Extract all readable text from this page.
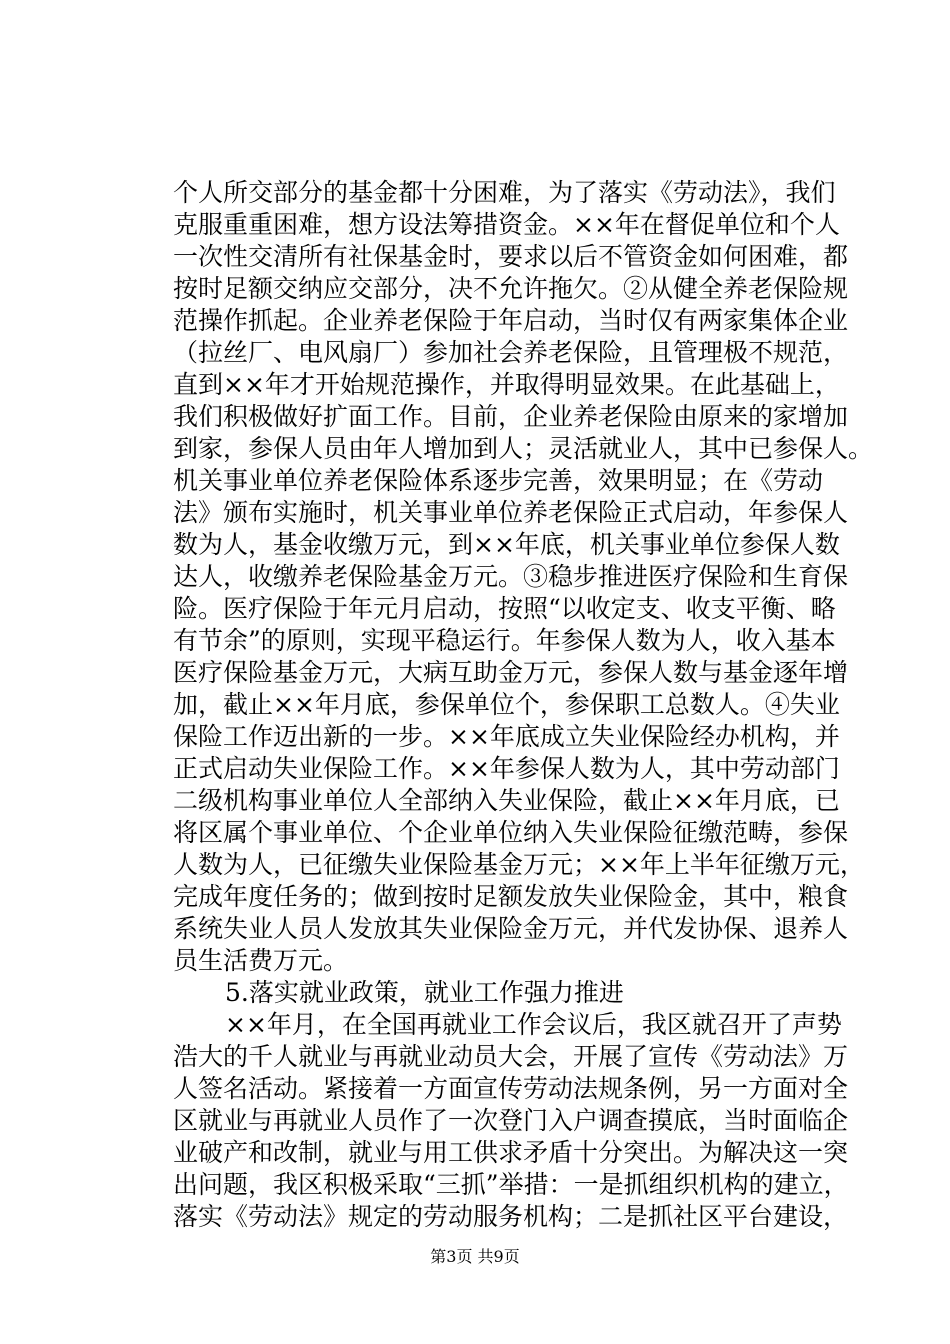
个人所交部分的基金都十分困难，为了落实《劳动法》，我们
克服重重困难，想方设法筹措资金。××年在督促单位和个人
一次性交清所有社保基金时，要求以后不管资金如何困难，都
按时足额交纳应交部分，决不允许拖欠。②从健全养老保险规
范操作抓起。企业养老保险于年启动，当时仅有两家集体企业
（拉丝厂、电风扇厂）参加社会养老保险，且管理极不规范，
直到××年才开始规范操作，并取得明显效果。在此基础上，
我们积极做好扩面工作。目前，企业养老保险由原来的家增加
到家，参保人员由年人增加到人；灵活就业人，其中已参保人。
机关事业单位养老保险体系逐步完善，效果明显；在《劳动
法》颁布实施时，机关事业单位养老保险正式启动，年参保人
数为人，基金收缴万元，到××年底，机关事业单位参保人数
达人，收缴养老保险基金万元。③稳步推进医疗保险和生育保
险。医疗保险于年元月启动，按照“以收定支、收支平衡、略
有节余”的原则，实现平稳运行。年参保人数为人，收入基本
医疗保险基金万元，大病互助金万元，参保人数与基金逐年增
加，截止××年月底，参保单位个，参保职工总数人。④失业
保险工作迈出新的一步。××年底成立失业保险经办机构，并
正式启动失业保险工作。××年参保人数为人，其中劳动部门
二级机构事业单位人全部纳入失业保险，截止××年月底，已
将区属个事业单位、个企业单位纳入失业保险征缴范畴，参保
人数为人，已征缴失业保险基金万元；××年上半年征缴万元，
完成年度任务的；做到按时足额发放失业保险金，其中，粮食
系统失业人员人发放其失业保险金万元，并代发协保、退养人
员生活费万元。
5.落实就业政策，就业工作强力推进
××年月，在全国再就业工作会议后，我区就召开了声势
浩大的千人就业与再就业动员大会，开展了宣传《劳动法》万
人签名活动。紧接着一方面宣传劳动法规条例，另一方面对全
区就业与再就业人员作了一次登门入户调查摸底，当时面临企
业破产和改制，就业与用工供求矛盾十分突出。为解决这一突
出问题，我区积极采取“三抓”举措：一是抓组织机构的建立，
落实《劳动法》规定的劳动服务机构；二是抓社区平台建设，
第3页 共9页
